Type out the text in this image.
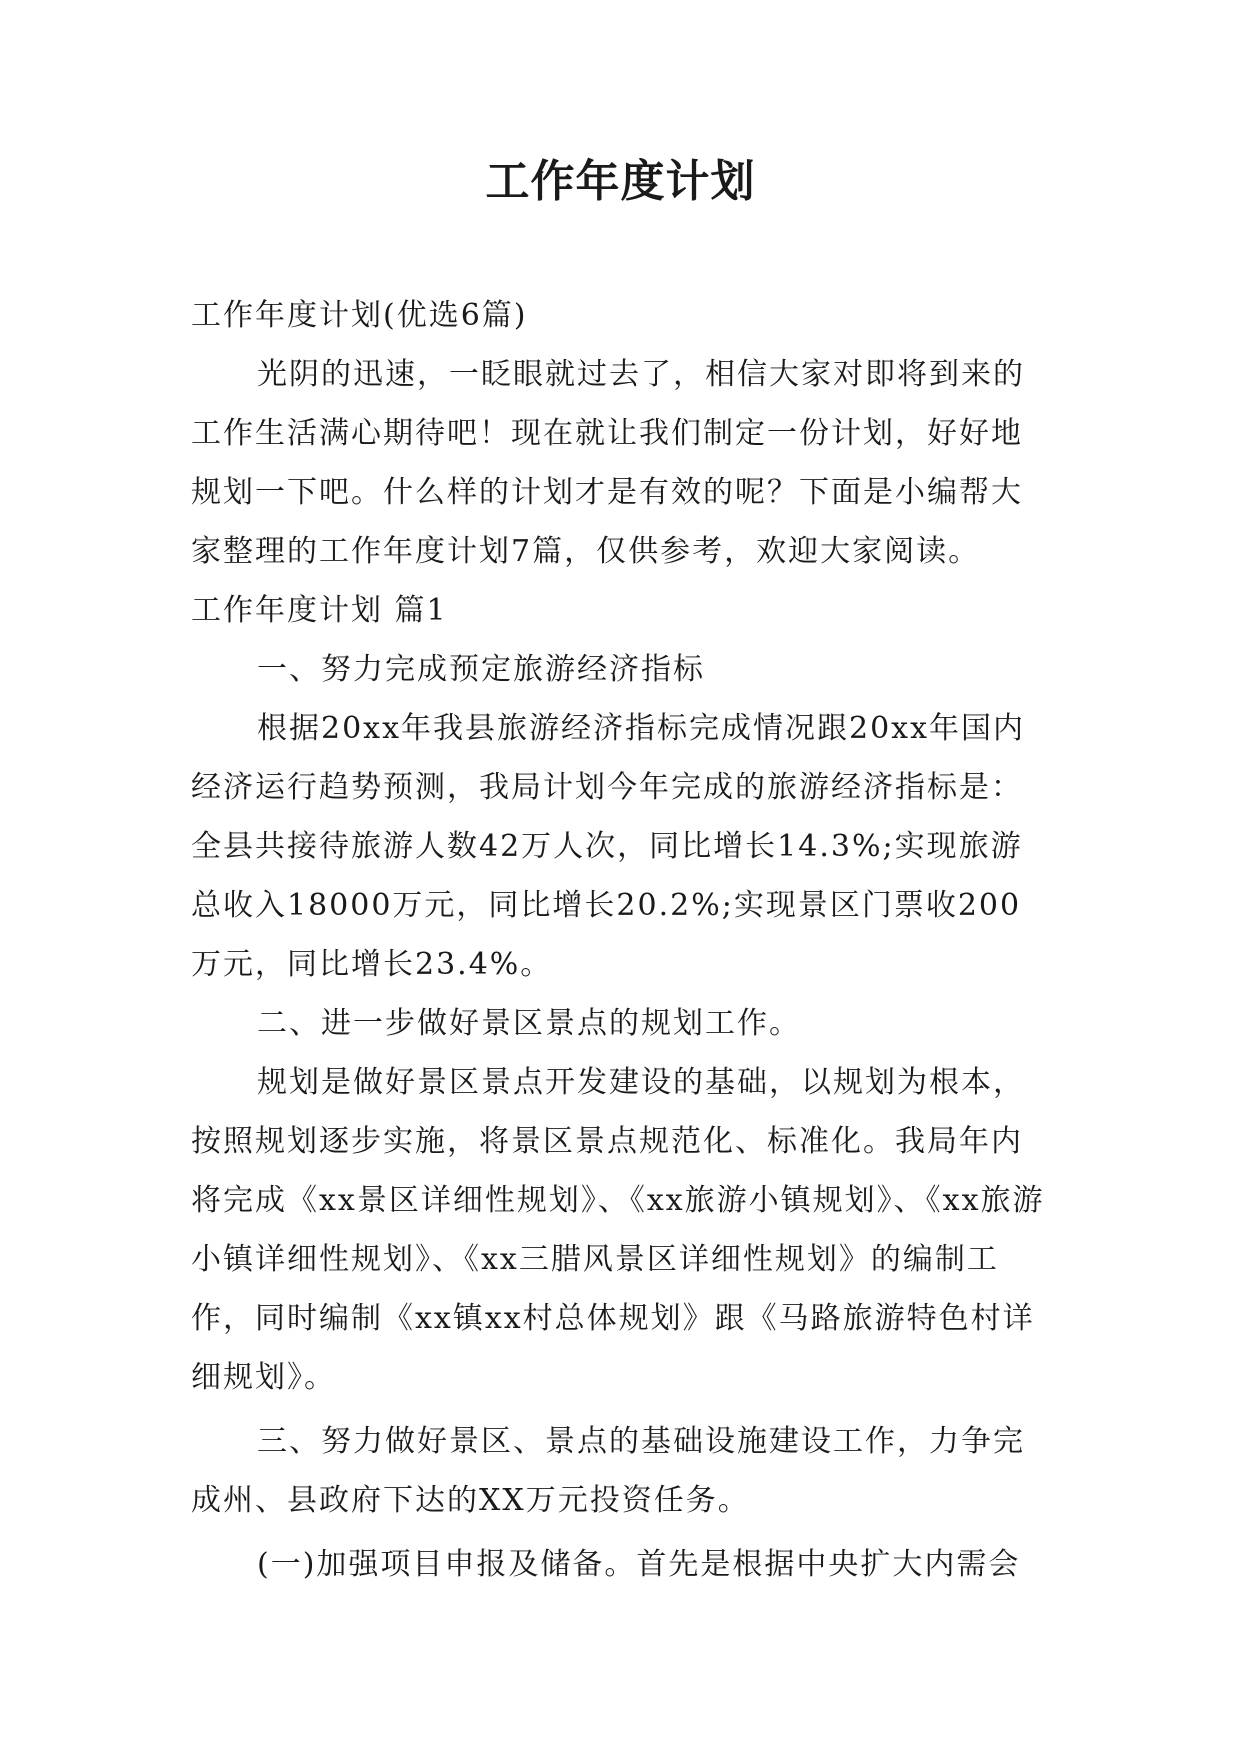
工作年度计划

工作年度计划(优选6篇)

光阴的迅速，一眨眼就过去了，相信大家对即将到来的工作生活满心期待吧！现在就让我们制定一份计划，好好地规划一下吧。什么样的计划才是有效的呢？下面是小编帮大家整理的工作年度计划7篇，仅供参考，欢迎大家阅读。

工作年度计划 篇1

一、努力完成预定旅游经济指标

根据20xx年我县旅游经济指标完成情况跟20xx年国内经济运行趋势预测，我局计划今年完成的旅游经济指标是：全县共接待旅游人数42万人次，同比增长14.3%;实现旅游总收入18000万元，同比增长20.2%;实现景区门票收200万元，同比增长23.4%。

二、进一步做好景区景点的规划工作。

规划是做好景区景点开发建设的基础，以规划为根本，按照规划逐步实施，将景区景点规范化、标准化。我局年内将完成《xx景区详细性规划》、《xx旅游小镇规划》、《xx旅游小镇详细性规划》、《xx三腊风景区详细性规划》的编制工作，同时编制《xx镇xx村总体规划》跟《马路旅游特色村详细规划》。

三、努力做好景区、景点的基础设施建设工作，力争完成州、县政府下达的XX万元投资任务。

(一)加强项目申报及储备。首先是根据中央扩大内需会
